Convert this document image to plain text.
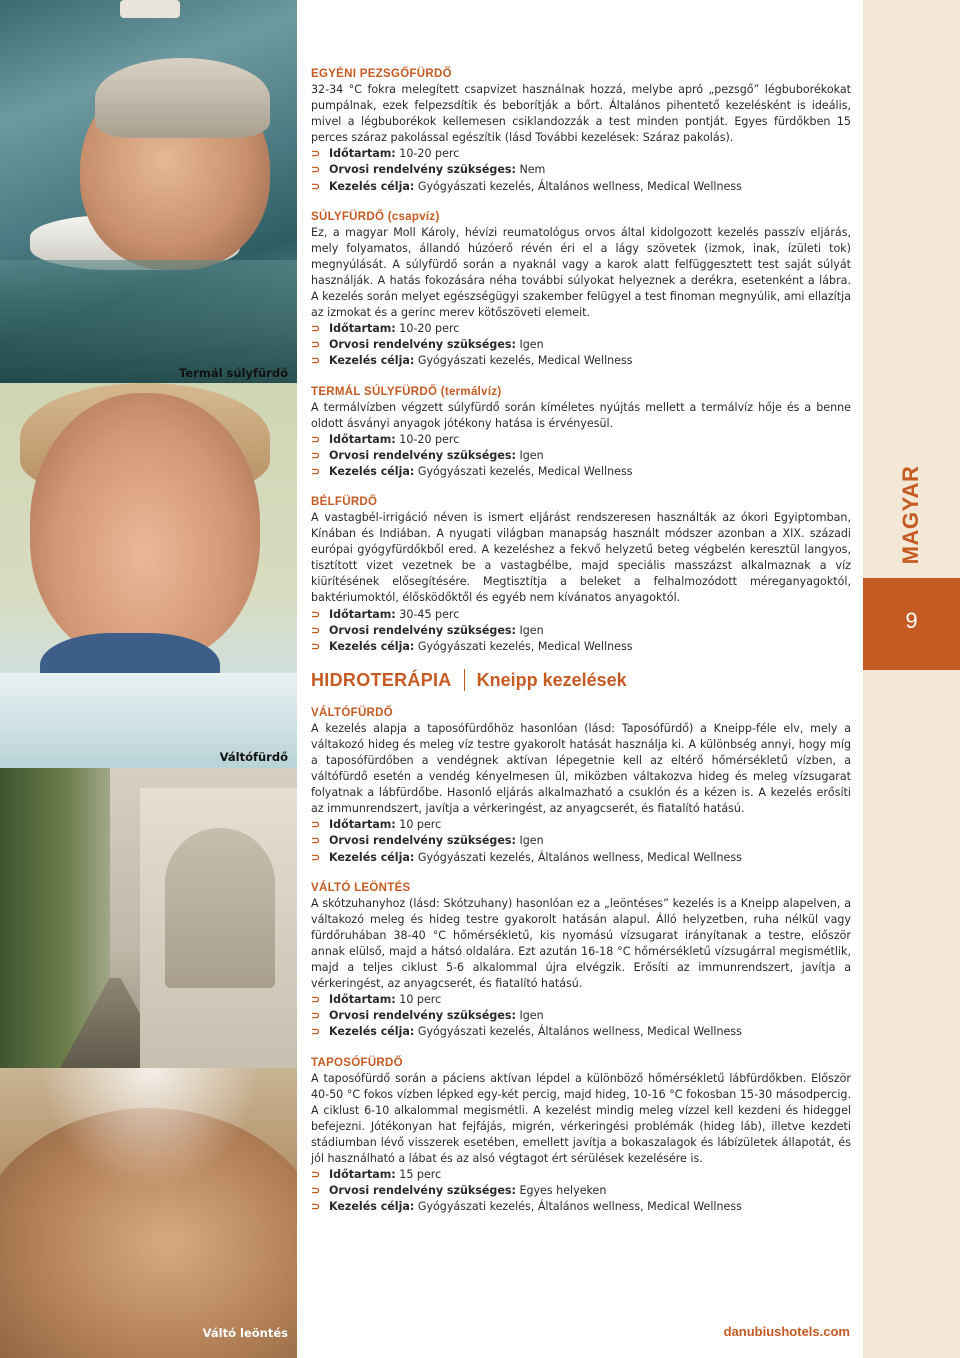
Termál súlyfürdő
Váltófürdő
Váltó leöntés
MAGYAR
9
EGYÉNI PEZSGŐFÜRDŐ

32-34 °C fokra melegített csapvizet használnak hozzá, melybe apró „pezsgő” légbuborékokat pumpálnak, ezek felpezsdítik és beborítják a bőrt. Általános pihentető kezelésként is ideális, mivel a légbuborékok kellemesen csiklandozzák a test minden pontját. Egyes fürdőkben 15 perces száraz pakolással egészítik (lásd További kezelések: Száraz pakolás).

⊃ Időtartam: 10-20 perc
⊃ Orvosi rendelvény szükséges: Nem
⊃ Kezelés célja: Gyógyászati kezelés, Általános wellness, Medical Wellness
SÚLYFÜRDŐ (csapvíz)

Ez, a magyar Moll Károly, hévízi reumatológus orvos által kidolgozott kezelés passzív eljárás, mely folyamatos, állandó húzóerő révén éri el a lágy szövetek (izmok, inak, ízületi tok) megnyúlását. A súlyfürdő során a nyaknál vagy a karok alatt felfüggesztett test saját súlyát használják. A hatás fokozására néha további súlyokat helyeznek a derékra, esetenként a lábra. A kezelés során melyet egészségügyi szakember felügyel a test finoman megnyúlik, ami ellazítja az izmokat és a gerinc merev kötőszöveti elemeit.

⊃ Időtartam: 10-20 perc
⊃ Orvosi rendelvény szükséges: Igen
⊃ Kezelés célja: Gyógyászati kezelés, Medical Wellness
TERMÁL SÚLYFÜRDŐ (termálvíz)

A termálvízben végzett súlyfürdő során kíméletes nyújtás mellett a termálvíz hője és a benne oldott ásványi anyagok jótékony hatása is érvényesül.

⊃ Időtartam: 10-20 perc
⊃ Orvosi rendelvény szükséges: Igen
⊃ Kezelés célja: Gyógyászati kezelés, Medical Wellness
BÉLFÜRDŐ

A vastagbél-irrigáció néven is ismert eljárást rendszeresen használták az ókori Egyiptomban, Kínában és Indiában. A nyugati világban manapság használt módszer azonban a XIX. századi európai gyógyfürdőkből ered. A kezeléshez a fekvő helyzetű beteg végbelén keresztül langyos, tisztított vizet vezetnek be a vastagbélbe, majd speciális masszázst alkalmaznak a víz kiürítésének elősegítésére. Megtisztítja a beleket a felhalmozódott méreganyagoktól, baktériumoktól, élősködőktől és egyéb nem kívánatos anyagoktól.

⊃ Időtartam: 30-45 perc
⊃ Orvosi rendelvény szükséges: Igen
⊃ Kezelés célja: Gyógyászati kezelés, Medical Wellness
HIDROTERÁPIA Kneipp kezelések
VÁLTÓFÜRDŐ

A kezelés alapja a taposófürdőhöz hasonlóan (lásd: Taposófürdő) a Kneipp-féle elv, mely a váltakozó hideg és meleg víz testre gyakorolt hatását használja ki. A különbség annyi, hogy míg a taposófürdőben a vendégnek aktívan lépegetnie kell az eltérő hőmérsékletű vízben, a váltófürdő esetén a vendég kényelmesen ül, miközben váltakozva hideg és meleg vízsugarat folyatnak a lábfürdőbe. Hasonló eljárás alkalmazható a csuklón és a kézen is. A kezelés erősíti az immunrendszert, javítja a vérkeringést, az anyagcserét, és fiatalító hatású.

⊃ Időtartam: 10 perc
⊃ Orvosi rendelvény szükséges: Igen
⊃ Kezelés célja: Gyógyászati kezelés, Általános wellness, Medical Wellness
VÁLTÓ LEÖNTÉS

A skótzuhanyhoz (lásd: Skótzuhany) hasonlóan ez a „leöntéses” kezelés is a Kneipp alapelven, a váltakozó meleg és hideg testre gyakorolt hatásán alapul. Álló helyzetben, ruha nélkül vagy fürdőruhában 38-40 °C hőmérsékletű, kis nyomású vízsugarat irányítanak a testre, először annak elülső, majd a hátsó oldalára. Ezt azután 16-18 °C hőmérsékletű vízsugárral megismétlik, majd a teljes ciklust 5-6 alkalommal újra elvégzik. Erősíti az immunrendszert, javítja a vérkeringést, az anyagcserét, és fiatalító hatású.

⊃ Időtartam: 10 perc
⊃ Orvosi rendelvény szükséges: Igen
⊃ Kezelés célja: Gyógyászati kezelés, Általános wellness, Medical Wellness
TAPOSÓFÜRDŐ

A taposófürdő során a páciens aktívan lépdel a különböző hőmérsékletű lábfürdőkben. Először 40-50 °C fokos vízben lépked egy-két percig, majd hideg, 10-16 °C fokosban 15-30 másodpercig. A ciklust 6-10 alkalommal megismétli. A kezelést mindig meleg vízzel kell kezdeni és hideggel befejezni. Jótékonyan hat fejfájás, migrén, vérkeringési problémák (hideg láb), illetve kezdeti stádiumban lévő visszerek esetében, emellett javítja a bokaszalagok és lábízületek állapotát, és jól használható a lábat és az alsó végtagot ért sérülések kezelésére is.

⊃ Időtartam: 15 perc
⊃ Orvosi rendelvény szükséges: Egyes helyeken
⊃ Kezelés célja: Gyógyászati kezelés, Általános wellness, Medical Wellness
danubiushotels.com
